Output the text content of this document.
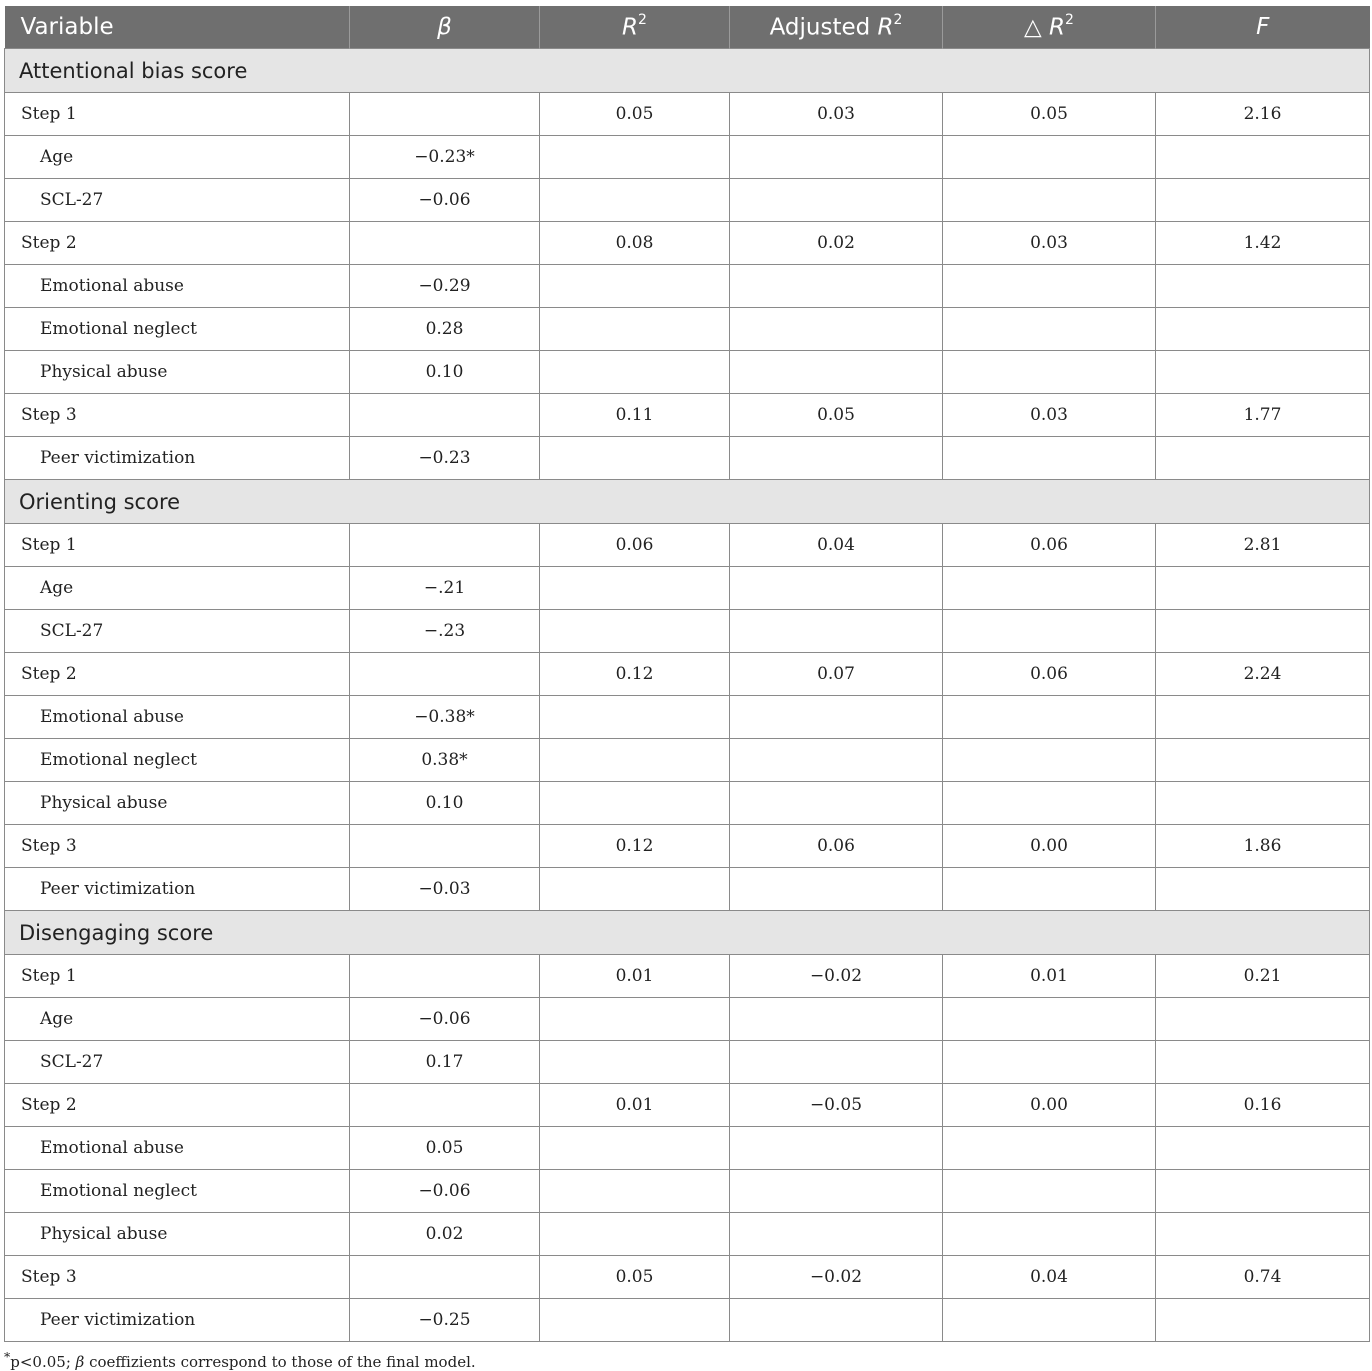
Variable	β	$R^2$	Adjusted $R^2$	△ $R^2$	F
Attentional bias score					
Step 1		0.05	0.03	0.05	2.16
Age	−0.23*				
SCL-27	−0.06				
Step 2		0.08	0.02	0.03	1.42
Emotional abuse	−0.29				
Emotional neglect	0.28				
Physical abuse	0.10				
Step 3		0.11	0.05	0.03	1.77
Peer victimization	−0.23				
Orienting score					
Step 1		0.06	0.04	0.06	2.81
Age	−.21				
SCL-27	−.23				
Step 2		0.12	0.07	0.06	2.24
Emotional abuse	−0.38*				
Emotional neglect	0.38*				
Physical abuse	0.10				
Step 3		0.12	0.06	0.00	1.86
Peer victimization	−0.03				
Disengaging score					
Step 1		0.01	−0.02	0.01	0.21
Age	−0.06				
SCL-27	0.17				
Step 2		0.01	−0.05	0.00	0.16
Emotional abuse	0.05				
Emotional neglect	−0.06				
Physical abuse	0.02				
Step 3		0.05	−0.02	0.04	0.74
Peer victimization	−0.25				
*p<0.05; β coeffizients correspond to those of the final model.
